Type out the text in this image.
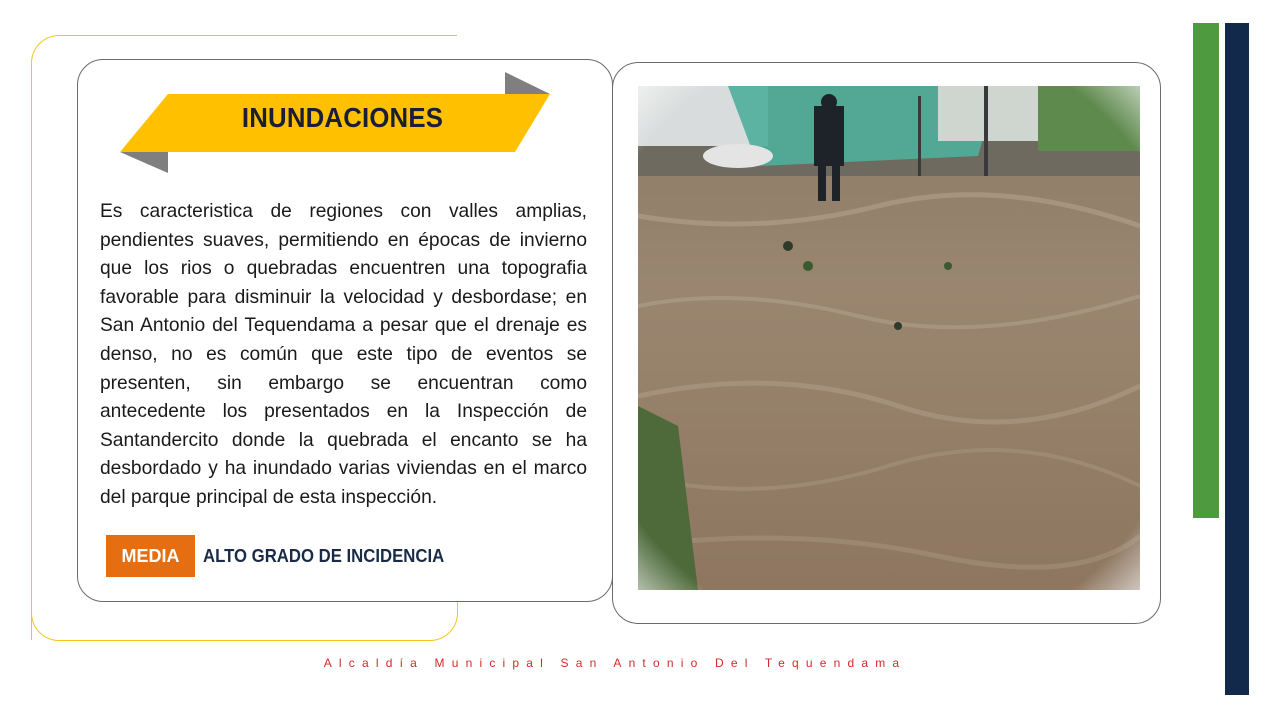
INUNDACIONES
Es caracteristica de regiones con valles amplias, pendientes suaves, permitiendo en épocas de invierno que los rios o quebradas encuentren una topografia favorable para disminuir la velocidad y desbordase; en San Antonio del Tequendama a pesar que el drenaje es denso, no es común que este tipo de eventos se presenten, sin embargo se encuentran como antecedente los presentados en la Inspección de Santandercito donde la quebrada el encanto se ha desbordado y ha inundado varias viviendas en el marco del parque principal de esta inspección.
MEDIA	ALTO GRADO DE INCIDENCIA
Alcaldía Municipal San Antonio Del Tequendama
